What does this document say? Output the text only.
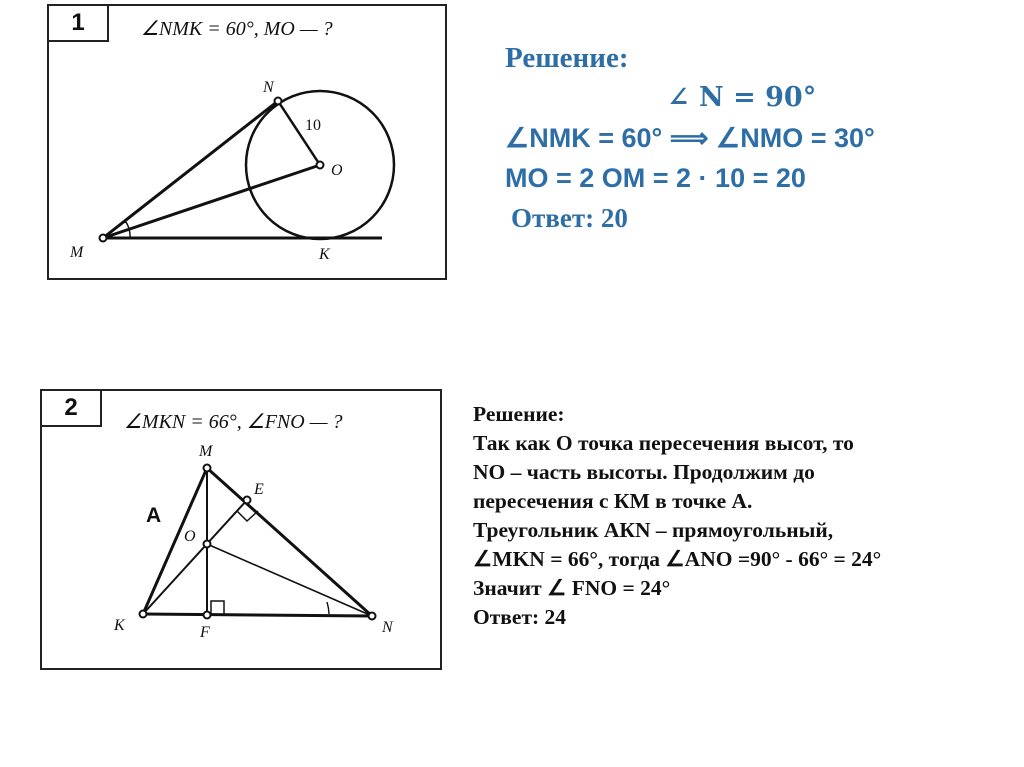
1	∠NMK = 60°, MO — ?
N
O
M	K
10
Решение:
∠ N = 90°
∠NMK = 60° ⟹ ∠NMO = 30°
MO = 2 OM = 2 · 10 = 20
Ответ: 20
2
∠MKN = 66°, ∠FNO — ?
M
E
O
K	F	N
A
Решение:
Так как О точка пересечения высот, то
NO – часть высоты. Продолжим до
пересечения с КМ в точке А.
Треугольник АКN – прямоугольный,
∠MKN = 66°, тогда ∠ANO =90° - 66° = 24°
Значит ∠ FNO = 24°
Ответ: 24
